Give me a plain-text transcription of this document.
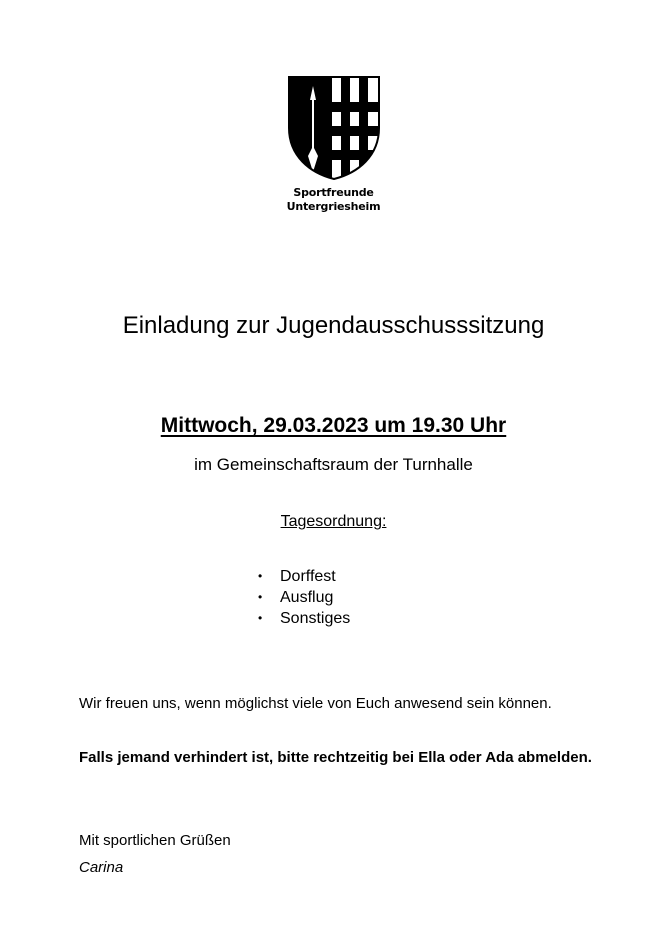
Sportfreunde
Untergriesheim
Einladung zur Jugendausschusssitzung
Mittwoch, 29.03.2023 um 19.30 Uhr
im Gemeinschaftsraum der Turnhalle
Tagesordnung:
• Dorffest
• Ausflug
• Sonstiges
Wir freuen uns, wenn möglichst viele von Euch anwesend sein können.
Falls jemand verhindert ist, bitte rechtzeitig bei Ella oder Ada abmelden.
Mit sportlichen Grüßen
Carina
